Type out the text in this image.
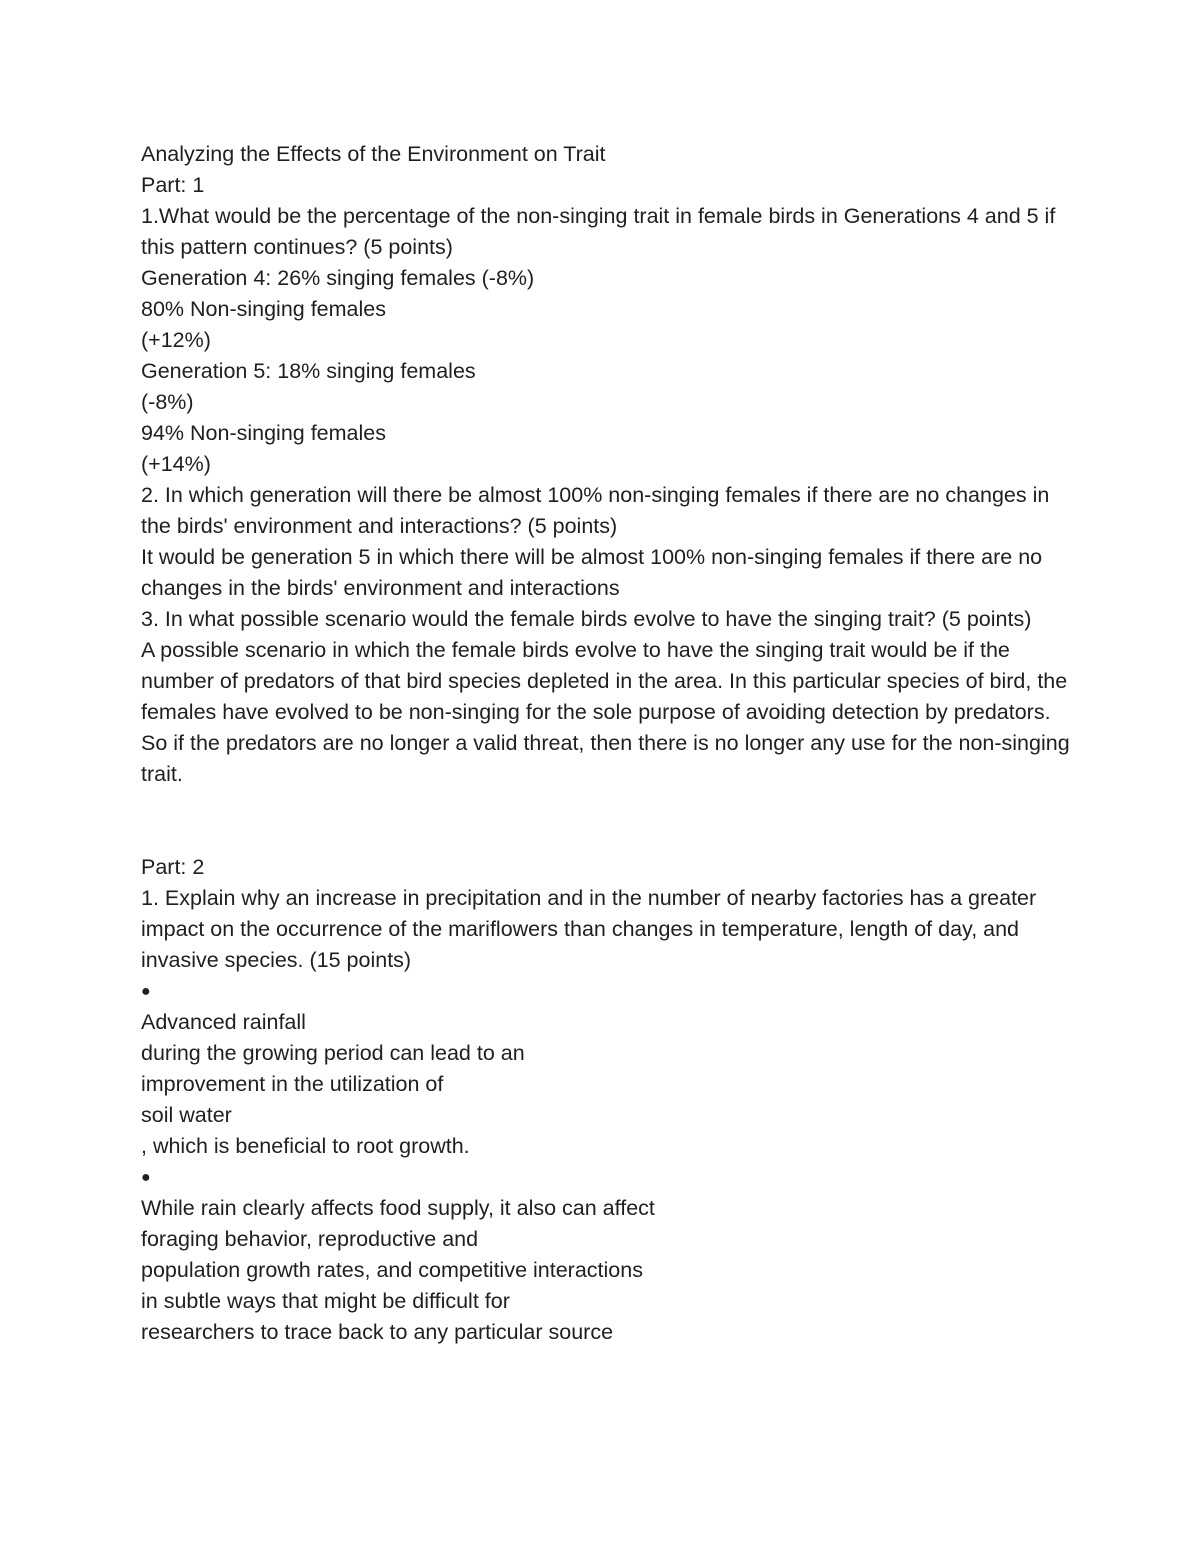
Analyzing the Effects of the Environment on Trait

Part: 1

1.What would be the percentage of the non-singing trait in female birds in Generations 4 and 5 if this pattern continues? (5 points)

Generation 4: 26% singing females (-8%)

80% Non-singing females

(+12%)

Generation 5: 18% singing females

(-8%)

94% Non-singing females

(+14%)

2. In which generation will there be almost 100% non-singing females if there are no changes in the birds' environment and interactions? (5 points)

It would be generation 5 in which there will be almost 100% non-singing females if there are no changes in the birds' environment and interactions

3. In what possible scenario would the female birds evolve to have the singing trait? (5 points)

A possible scenario in which the female birds evolve to have the singing trait would be if the number of predators of that bird species depleted in the area. In this particular species of bird, the females have evolved to be non-singing for the sole purpose of avoiding detection by predators. So if the predators are no longer a valid threat, then there is no longer any use for the non-singing trait.

Part: 2

1. Explain why an increase in precipitation and in the number of nearby factories has a greater impact on the occurrence of the mariflowers than changes in temperature, length of day, and invasive species. (15 points)

●

Advanced rainfall

during the growing period can lead to an

improvement in the utilization of

soil water

, which is beneficial to root growth.

●

While rain clearly affects food supply, it also can affect

foraging behavior, reproductive and

population growth rates, and competitive interactions

in subtle ways that might be difficult for

researchers to trace back to any particular source
